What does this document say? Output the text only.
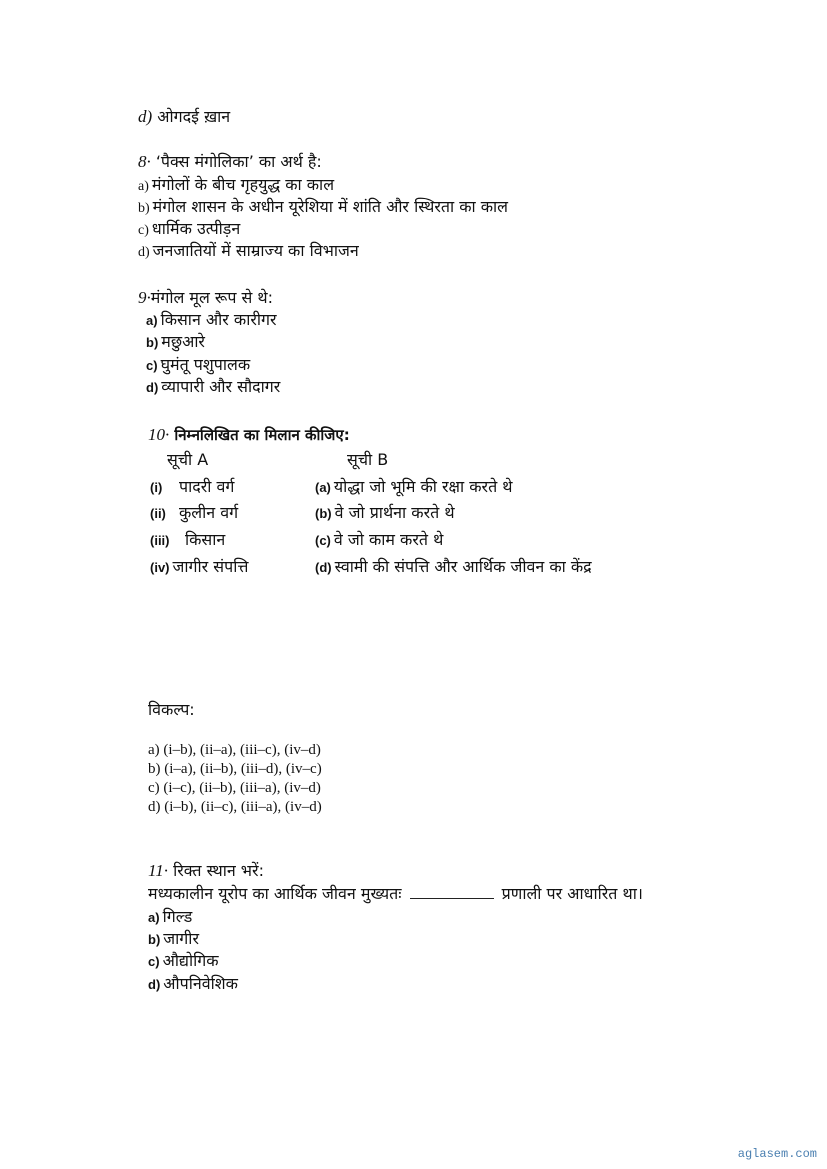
d) ओगदई ख़ान
8· ‘पैक्स मंगोलिका’ का अर्थ है:
a) मंगोलों के बीच गृहयुद्ध का काल
b) मंगोल शासन के अधीन यूरेशिया में शांति और स्थिरता का काल
c) धार्मिक उत्पीड़न
d) जनजातियों में साम्राज्य का विभाजन
9·मंगोल मूल रूप से थे:
a) किसान और कारीगर
b) मछुआरे
c) घुमंतू पशुपालक
d) व्यापारी और सौदागर
10· निम्नलिखित का मिलान कीजिए:
सूची A	सूची B
(i) पादरी वर्ग	(a) योद्धा जो भूमि की रक्षा करते थे
(ii) कुलीन वर्ग	(b) वे जो प्रार्थना करते थे
(iii) किसान	(c) वे जो काम करते थे
(iv) जागीर संपत्ति	(d) स्वामी की संपत्ति और आर्थिक जीवन का केंद्र
विकल्प:
a) (i–b), (ii–a), (iii–c), (iv–d)
b) (i–a), (ii–b), (iii–d), (iv–c)
c) (i–c), (ii–b), (iii–a), (iv–d)
d) (i–b), (ii–c), (iii–a), (iv–d)
11· रिक्त स्थान भरें:
मध्यकालीन यूरोप का आर्थिक जीवन मुख्यतः	प्रणाली पर आधारित था।
a) गिल्ड
b) जागीर
c) औद्योगिक
d) औपनिवेशिक
aglasem.com
